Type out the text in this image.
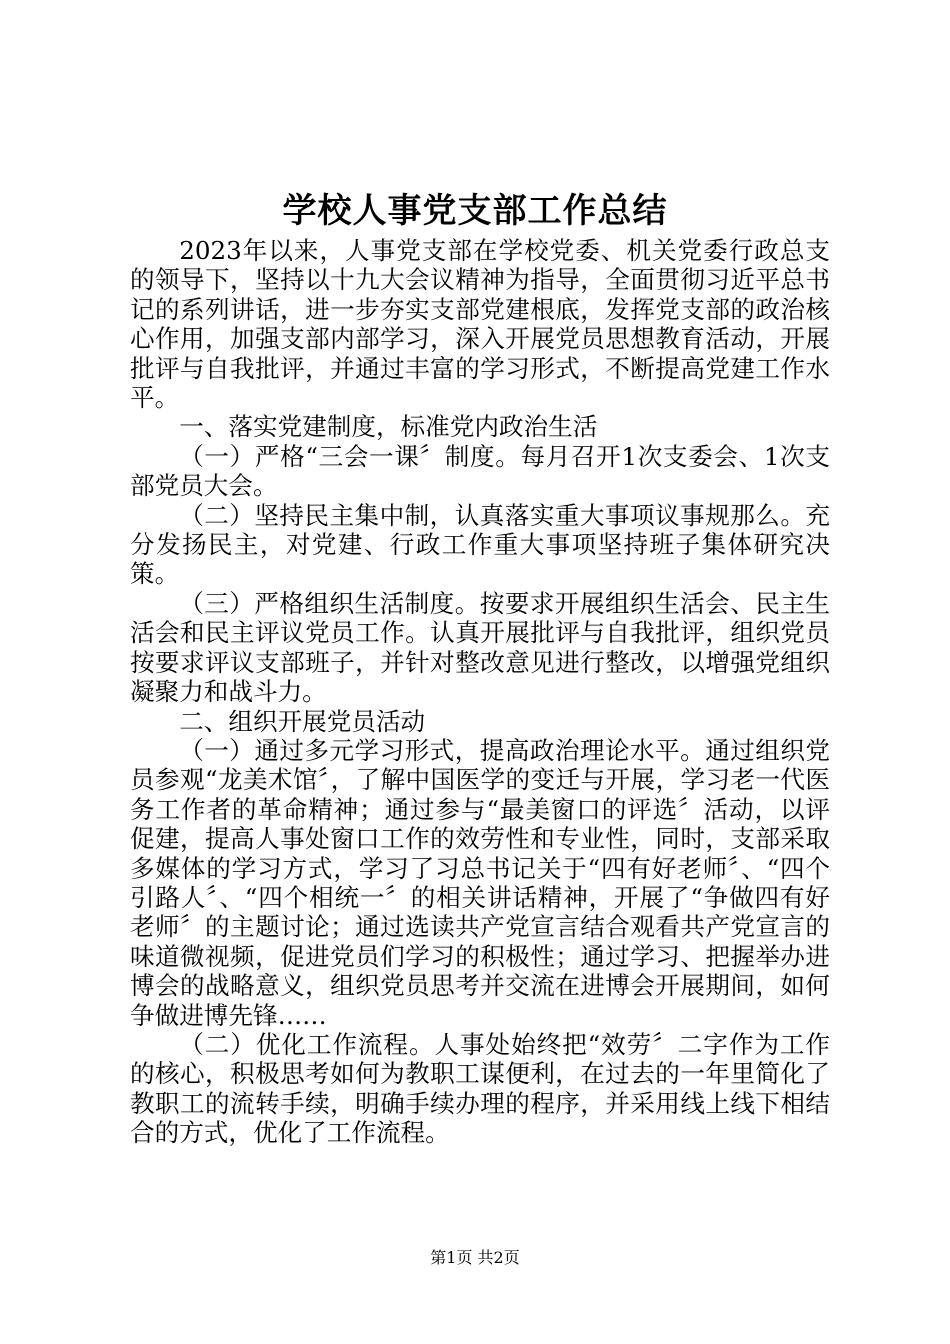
学校人事党支部工作总结

2023年以来，人事党支部在学校党委、机关党委行政总支的领导下，坚持以十九大会议精神为指导，全面贯彻习近平总书记的系列讲话，进一步夯实支部党建根底，发挥党支部的政治核心作用，加强支部内部学习，深入开展党员思想教育活动，开展批评与自我批评，并通过丰富的学习形式，不断提高党建工作水平。

一、落实党建制度，标准党内政治生活

（一）严格“三会一课〞制度。每月召开1次支委会、1次支部党员大会。

（二）坚持民主集中制，认真落实重大事项议事规那么。充分发扬民主，对党建、行政工作重大事项坚持班子集体研究决策。

（三）严格组织生活制度。按要求开展组织生活会、民主生活会和民主评议党员工作。认真开展批评与自我批评，组织党员按要求评议支部班子，并针对整改意见进行整改，以增强党组织凝聚力和战斗力。

二、组织开展党员活动

（一）通过多元学习形式，提高政治理论水平。通过组织党员参观“龙美术馆〞，了解中国医学的变迁与开展，学习老一代医务工作者的革命精神；通过参与“最美窗口的评选〞活动，以评促建，提高人事处窗口工作的效劳性和专业性，同时，支部采取多媒体的学习方式，学习了习总书记关于“四有好老师〞、“四个引路人〞、“四个相统一〞的相关讲话精神，开展了“争做四有好老师〞的主题讨论；通过选读共产党宣言结合观看共产党宣言的味道微视频，促进党员们学习的积极性；通过学习、把握举办进博会的战略意义，组织党员思考并交流在进博会开展期间，如何争做进博先锋……

（二）优化工作流程。人事处始终把“效劳〞二字作为工作的核心，积极思考如何为教职工谋便利，在过去的一年里简化了教职工的流转手续，明确手续办理的程序，并采用线上线下相结合的方式，优化了工作流程。

第1页 共2页
